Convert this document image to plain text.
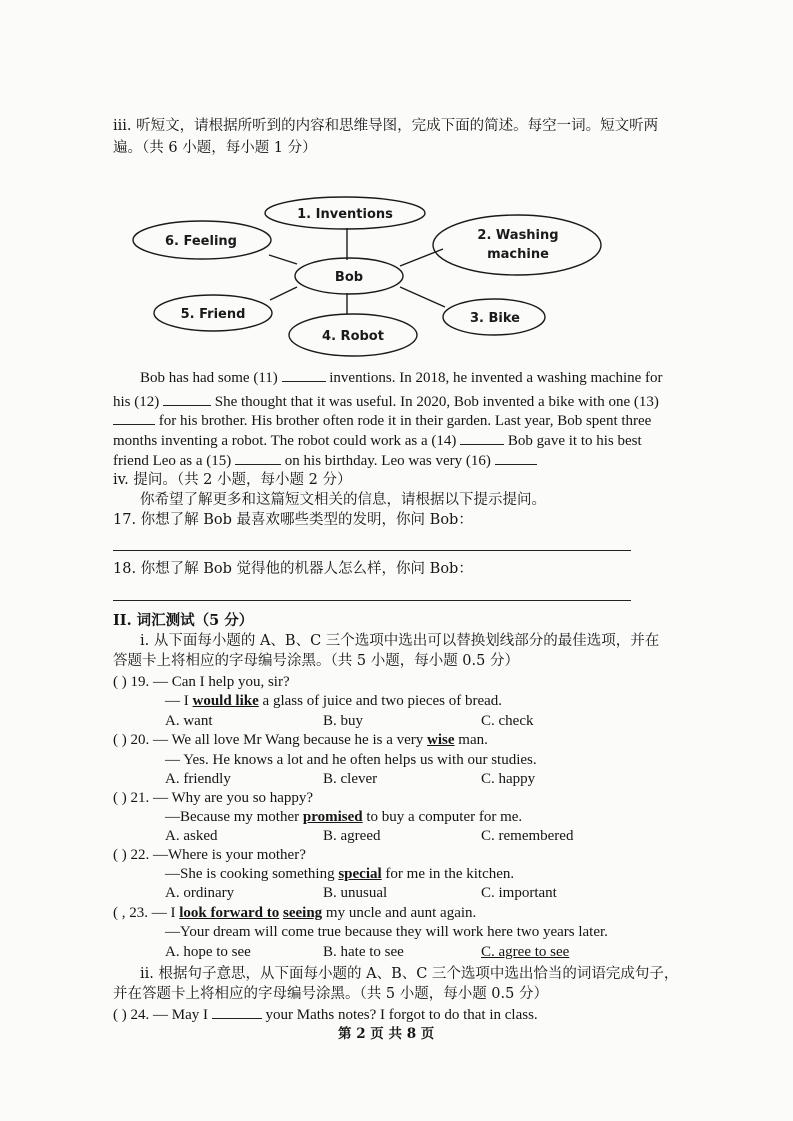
iii. 听短文，请根据所听到的内容和思维导图，完成下面的简述。每空一词。短文听两
遍。（共 6 小题，每小题 1 分）
1. Inventions
2. Washing
machine
3. Bike
4. Robot
5. Friend
6. Feeling
Bob
Bob has had some (11)	inventions. In 2018, he invented a washing machine for
his (12)	She thought that it was useful. In 2020, Bob invented a bike with one (13)
for his brother. His brother often rode it in their garden. Last year, Bob spent three
months inventing a robot. The robot could work as a (14)	Bob gave it to his best
friend Leo as a (15)	on his birthday. Leo was very (16)
iv. 提问。（共 2 小题，每小题 2 分）
你希望了解更多和这篇短文相关的信息，请根据以下提示提问。
17. 你想了解 Bob 最喜欢哪些类型的发明，你问 Bob：
18. 你想了解 Bob 觉得他的机器人怎么样，你问 Bob：
II. 词汇测试（5 分）
i. 从下面每小题的 A、B、C 三个选项中选出可以替换划线部分的最佳选项，并在
答题卡上将相应的字母编号涂黑。（共 5 小题，每小题 0.5 分）
( ) 19. — Can I help you, sir?
— I would like a glass of juice and two pieces of bread.
A. want	B. buy	C. check
( ) 20. — We all love Mr Wang because he is a very wise man.
— Yes. He knows a lot and he often helps us with our studies.
A. friendly	B. clever	C. happy
( ) 21. — Why are you so happy?
—Because my mother promised to buy a computer for me.
A. asked	B. agreed	C. remembered
( ) 22. —Where is your mother?
—She is cooking something special for me in the kitchen.
A. ordinary	B. unusual	C. important
( , 23. — I look forward to seeing my uncle and aunt again.
—Your dream will come true because they will work here two years later.
A. hope to see	B. hate to see	C. agree to see
ii. 根据句子意思，从下面每小题的 A、B、C 三个选项中选出恰当的词语完成句子，
并在答题卡上将相应的字母编号涂黑。（共 5 小题，每小题 0.5 分）
( ) 24. — May I	your Maths notes? I forgot to do that in class.
第 2 页 共 8 页
